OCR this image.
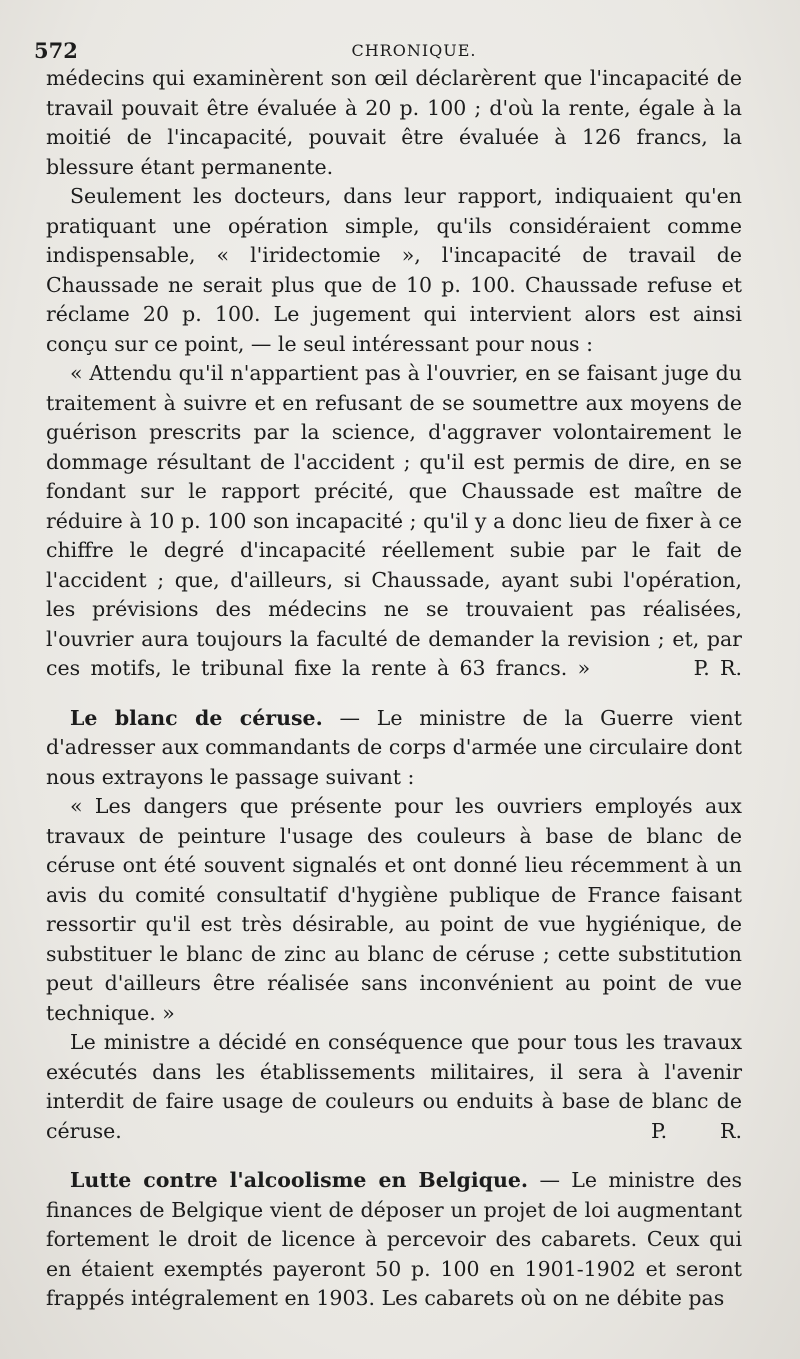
572	CHRONIQUE.

médecins qui examinèrent son œil déclarèrent que l'incapacité de travail pouvait être évaluée à 20 p. 100 ; d'où la rente, égale à la moitié de l'incapacité, pouvait être évaluée à 126 francs, la blessure étant permanente.

Seulement les docteurs, dans leur rapport, indiquaient qu'en pratiquant une opération simple, qu'ils considéraient comme indispensable, « l'iridectomie », l'incapacité de travail de Chaussade ne serait plus que de 10 p. 100. Chaussade refuse et réclame 20 p. 100. Le jugement qui intervient alors est ainsi conçu sur ce point, — le seul intéressant pour nous :

« Attendu qu'il n'appartient pas à l'ouvrier, en se faisant juge du traitement à suivre et en refusant de se soumettre aux moyens de guérison prescrits par la science, d'aggraver volontairement le dommage résultant de l'accident ; qu'il est permis de dire, en se fondant sur le rapport précité, que Chaussade est maître de réduire à 10 p. 100 son incapacité ; qu'il y a donc lieu de fixer à ce chiffre le degré d'incapacité réellement subie par le fait de l'accident ; que, d'ailleurs, si Chaussade, ayant subi l'opération, les prévisions des médecins ne se trouvaient pas réalisées, l'ouvrier aura toujours la faculté de demander la revision ; et, par ces motifs, le tribunal fixe la rente à 63 francs. »	P. R.

Le blanc de céruse. — Le ministre de la Guerre vient d'adresser aux commandants de corps d'armée une circulaire dont nous extrayons le passage suivant :

« Les dangers que présente pour les ouvriers employés aux travaux de peinture l'usage des couleurs à base de blanc de céruse ont été souvent signalés et ont donné lieu récemment à un avis du comité consultatif d'hygiène publique de France faisant ressortir qu'il est très désirable, au point de vue hygiénique, de substituer le blanc de zinc au blanc de céruse ; cette substitution peut d'ailleurs être réalisée sans inconvénient au point de vue technique. »

Le ministre a décidé en conséquence que pour tous les travaux exécutés dans les établissements militaires, il sera à l'avenir interdit de faire usage de couleurs ou enduits à base de blanc de céruse.	P. R.

Lutte contre l'alcoolisme en Belgique. — Le ministre des finances de Belgique vient de déposer un projet de loi augmentant fortement le droit de licence à percevoir des cabarets. Ceux qui en étaient exemptés payeront 50 p. 100 en 1901-1902 et seront frappés intégralement en 1903. Les cabarets où on ne débite pas
